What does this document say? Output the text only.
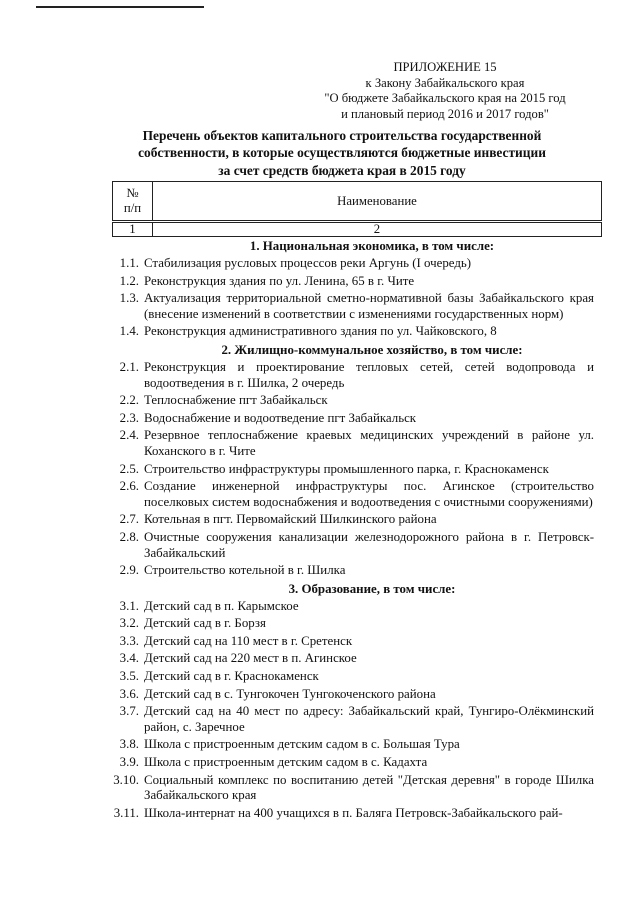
ПРИЛОЖЕНИЕ 15
к Закону Забайкальского края
"О бюджете Забайкальского края на 2015 год
и плановый период 2016 и 2017 годов"
Перечень объектов капитального строительства государственной
собственности, в которые осуществляются бюджетные инвестиции
за счет средств бюджета края в 2015 году
№
п/п	Наименование
1	2
1. Национальная экономика, в том числе:
1.1. Стабилизация русловых процессов реки Аргунь (I очередь)
1.2. Реконструкция здания по ул. Ленина, 65 в г. Чите
1.3. Актуализация территориальной сметно-нормативной базы Забайкальского края (внесение изменений в соответствии с изменениями государственных норм)
1.4. Реконструкция административного здания по ул. Чайковского, 8
2. Жилищно-коммунальное хозяйство, в том числе:
2.1. Реконструкция и проектирование тепловых сетей, сетей водопровода и водоотведения в г. Шилка, 2 очередь
2.2. Теплоснабжение пгт Забайкальск
2.3. Водоснабжение и водоотведение пгт Забайкальск
2.4. Резервное теплоснабжение краевых медицинских учреждений в районе ул. Коханского в г. Чите
2.5. Строительство инфраструктуры промышленного парка, г. Краснокаменск
2.6. Создание инженерной инфраструктуры пос. Агинское (строительство поселковых систем водоснабжения и водоотведения с очистными сооружениями)
2.7. Котельная в пгт. Первомайский Шилкинского района
2.8. Очистные сооружения канализации железнодорожного района в г. Петровск-Забайкальский
2.9. Строительство котельной в г. Шилка
3. Образование, в том числе:
3.1. Детский сад в п. Карымское
3.2. Детский сад в г. Борзя
3.3. Детский сад на 110 мест в г. Сретенск
3.4. Детский сад на 220 мест в п. Агинское
3.5. Детский сад в г. Краснокаменск
3.6. Детский сад в с. Тунгокочен Тунгокоченского района
3.7. Детский сад на 40 мест по адресу: Забайкальский край, Тунгиро-Олёкминский район, с. Заречное
3.8. Школа с пристроенным детским садом в с. Большая Тура
3.9. Школа с пристроенным детским садом в с. Кадахта
3.10. Социальный комплекс по воспитанию детей "Детская деревня" в городе Шилка Забайкальского края
3.11. Школа-интернат на 400 учащихся в п. Баляга Петровск-Забайкальского рай-
